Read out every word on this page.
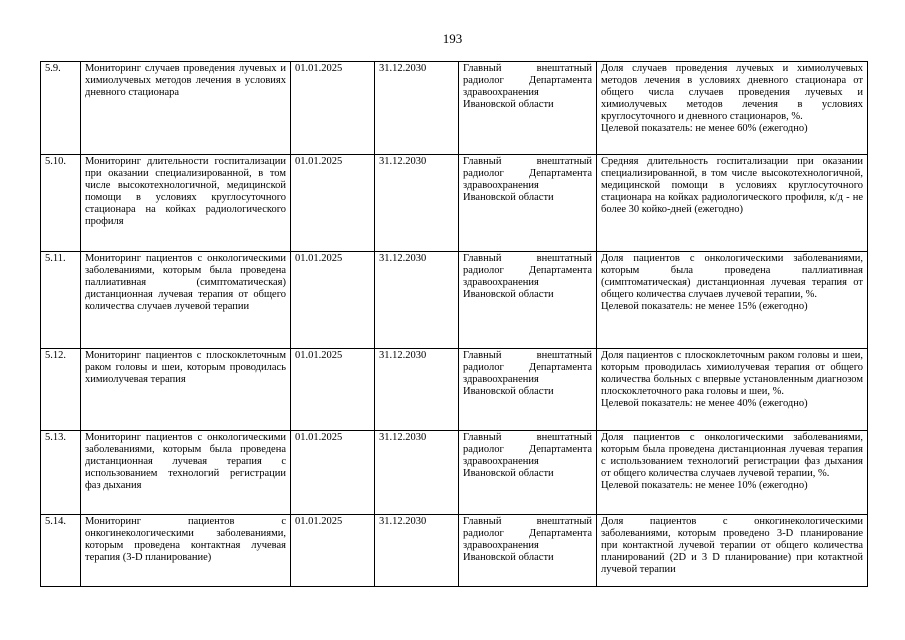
193
5.9.	Мониторинг случаев проведения лучевых и химиолучевых методов лечения в условиях дневного стационара	01.01.2025	31.12.2030	Главный внештатный радиолог Департамента здравоохранения Ивановской области	Доля случаев проведения лучевых и химиолучевых методов лечения в условиях дневного стационара от общего числа случаев проведения лучевых и химиолучевых методов лечения в условиях круглосуточного и дневного стационаров, %.
Целевой показатель: не менее 60% (ежегодно)

5.10.	Мониторинг длительности госпитализации при оказании специализированной, в том числе высокотехнологичной, медицинской помощи в условиях круглосуточного стационара на койках радиологического профиля	01.01.2025	31.12.2030	Главный внештатный радиолог Департамента здравоохранения Ивановской области	Средняя длительность госпитализации при оказании специализированной, в том числе высокотехнологичной, медицинской помощи в условиях круглосуточного стационара на койках радиологического профиля, к/д - не более 30 койко-дней (ежегодно)

5.11.	Мониторинг пациентов с онкологическими заболеваниями, которым была проведена паллиативная (симптоматическая) дистанционная лучевая терапия от общего количества случаев лучевой терапии	01.01.2025	31.12.2030	Главный внештатный радиолог Департамента здравоохранения Ивановской области	Доля пациентов с онкологическими заболеваниями, которым была проведена паллиативная (симптоматическая) дистанционная лучевая терапия от общего количества случаев лучевой терапии, %.
Целевой показатель: не менее 15% (ежегодно)

5.12.	Мониторинг пациентов с плоскоклеточным раком головы и шеи, которым проводилась химиолучевая терапия	01.01.2025	31.12.2030	Главный внештатный радиолог Департамента здравоохранения Ивановской области	Доля пациентов с плоскоклеточным раком головы и шеи, которым проводилась химиолучевая терапия от общего количества больных с впервые установленным диагнозом плоскоклеточного рака головы и шеи, %.
Целевой показатель: не менее 40% (ежегодно)

5.13.	Мониторинг пациентов с онкологическими заболеваниями, которым была проведена дистанционная лучевая терапия с использованием технологий регистрации фаз дыхания	01.01.2025	31.12.2030	Главный внештатный радиолог Департамента здравоохранения Ивановской области	Доля пациентов с онкологическими заболеваниями, которым была проведена дистанционная лучевая терапия с использованием технологий регистрации фаз дыхания от общего количества случаев лучевой терапии, %.
Целевой показатель: не менее 10% (ежегодно)

5.14.	Мониторинг пациентов с онкогинекологическими заболеваниями, которым проведена контактная лучевая терапия (3-D планирование)	01.01.2025	31.12.2030	Главный внештатный радиолог Департамента здравоохранения Ивановской области	Доля пациентов с онкогинекологическими заболеваниями, которым проведено 3-D планирование при контактной лучевой терапии от общего количества планирований (2D и 3 D планирование) при котактной лучевой терапии
